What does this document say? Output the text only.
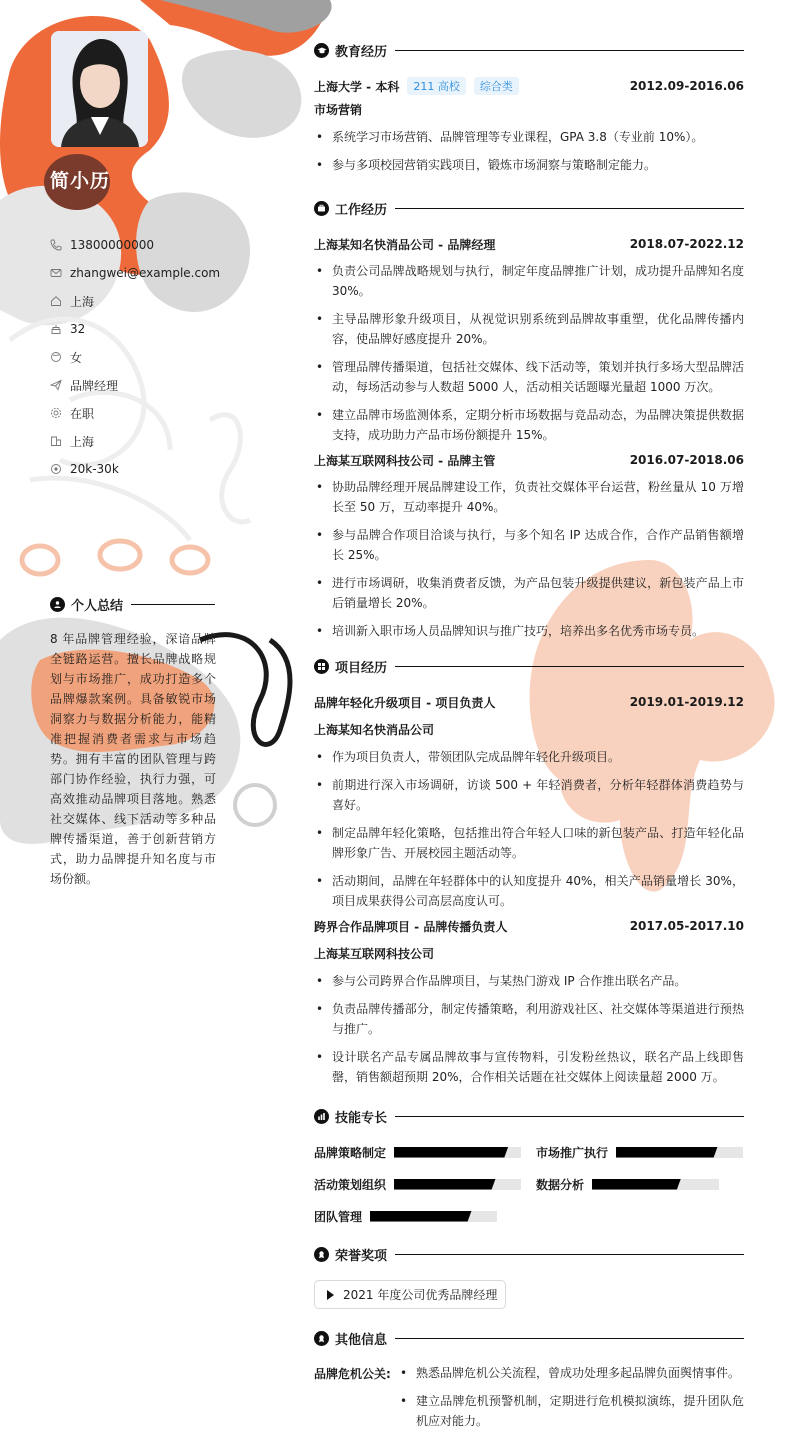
简小历
13800000000
zhangwei@example.com
上海
32
女
品牌经理
在职
上海
20k-30k
个人总结
8 年品牌管理经验，深谙品牌全链路运营。擅长品牌战略规划与市场推广，成功打造多个品牌爆款案例。具备敏锐市场洞察力与数据分析能力，能精准把握消费者需求与市场趋势。拥有丰富的团队管理与跨部门协作经验，执行力强，可高效推动品牌项目落地。熟悉社交媒体、线下活动等多种品牌传播渠道，善于创新营销方式，助力品牌提升知名度与市场份额。
教育经历
上海大学 - 本科	211 高校	综合类	2012.09-2016.06
市场营销
• 系统学习市场营销、品牌管理等专业课程，GPA 3.8（专业前 10%）。
• 参与多项校园营销实践项目，锻炼市场洞察与策略制定能力。
工作经历
上海某知名快消品公司 - 品牌经理	2018.07-2022.12
• 负责公司品牌战略规划与执行，制定年度品牌推广计划，成功提升品牌知名度 30%。
• 主导品牌形象升级项目，从视觉识别系统到品牌故事重塑，优化品牌传播内容，使品牌好感度提升 20%。
• 管理品牌传播渠道，包括社交媒体、线下活动等，策划并执行多场大型品牌活动，每场活动参与人数超 5000 人，活动相关话题曝光量超 1000 万次。
• 建立品牌市场监测体系，定期分析市场数据与竞品动态，为品牌决策提供数据支持，成功助力产品市场份额提升 15%。
上海某互联网科技公司 - 品牌主管	2016.07-2018.06
• 协助品牌经理开展品牌建设工作，负责社交媒体平台运营，粉丝量从 10 万增长至 50 万，互动率提升 40%。
• 参与品牌合作项目洽谈与执行，与多个知名 IP 达成合作，合作产品销售额增长 25%。
• 进行市场调研，收集消费者反馈，为产品包装升级提供建议，新包装产品上市后销量增长 20%。
• 培训新入职市场人员品牌知识与推广技巧，培养出多名优秀市场专员。
项目经历
品牌年轻化升级项目 - 项目负责人	2019.01-2019.12
上海某知名快消品公司
• 作为项目负责人，带领团队完成品牌年轻化升级项目。
• 前期进行深入市场调研，访谈 500 + 年轻消费者，分析年轻群体消费趋势与喜好。
• 制定品牌年轻化策略，包括推出符合年轻人口味的新包装产品、打造年轻化品牌形象广告、开展校园主题活动等。
• 活动期间，品牌在年轻群体中的认知度提升 40%，相关产品销量增长 30%，项目成果获得公司高层高度认可。
跨界合作品牌项目 - 品牌传播负责人	2017.05-2017.10
上海某互联网科技公司
• 参与公司跨界合作品牌项目，与某热门游戏 IP 合作推出联名产品。
• 负责品牌传播部分，制定传播策略，利用游戏社区、社交媒体等渠道进行预热与推广。
• 设计联名产品专属品牌故事与宣传物料，引发粉丝热议，联名产品上线即售罄，销售额超预期 20%，合作相关话题在社交媒体上阅读量超 2000 万。
技能专长
品牌策略制定	市场推广执行
活动策划组织	数据分析
团队管理
荣誉奖项
2021 年度公司优秀品牌经理
其他信息
品牌危机公关:
•	熟悉品牌危机公关流程，曾成功处理多起品牌负面舆情事件。
• 建立品牌危机预警机制，定期进行危机模拟演练，提升团队危机应对能力。
